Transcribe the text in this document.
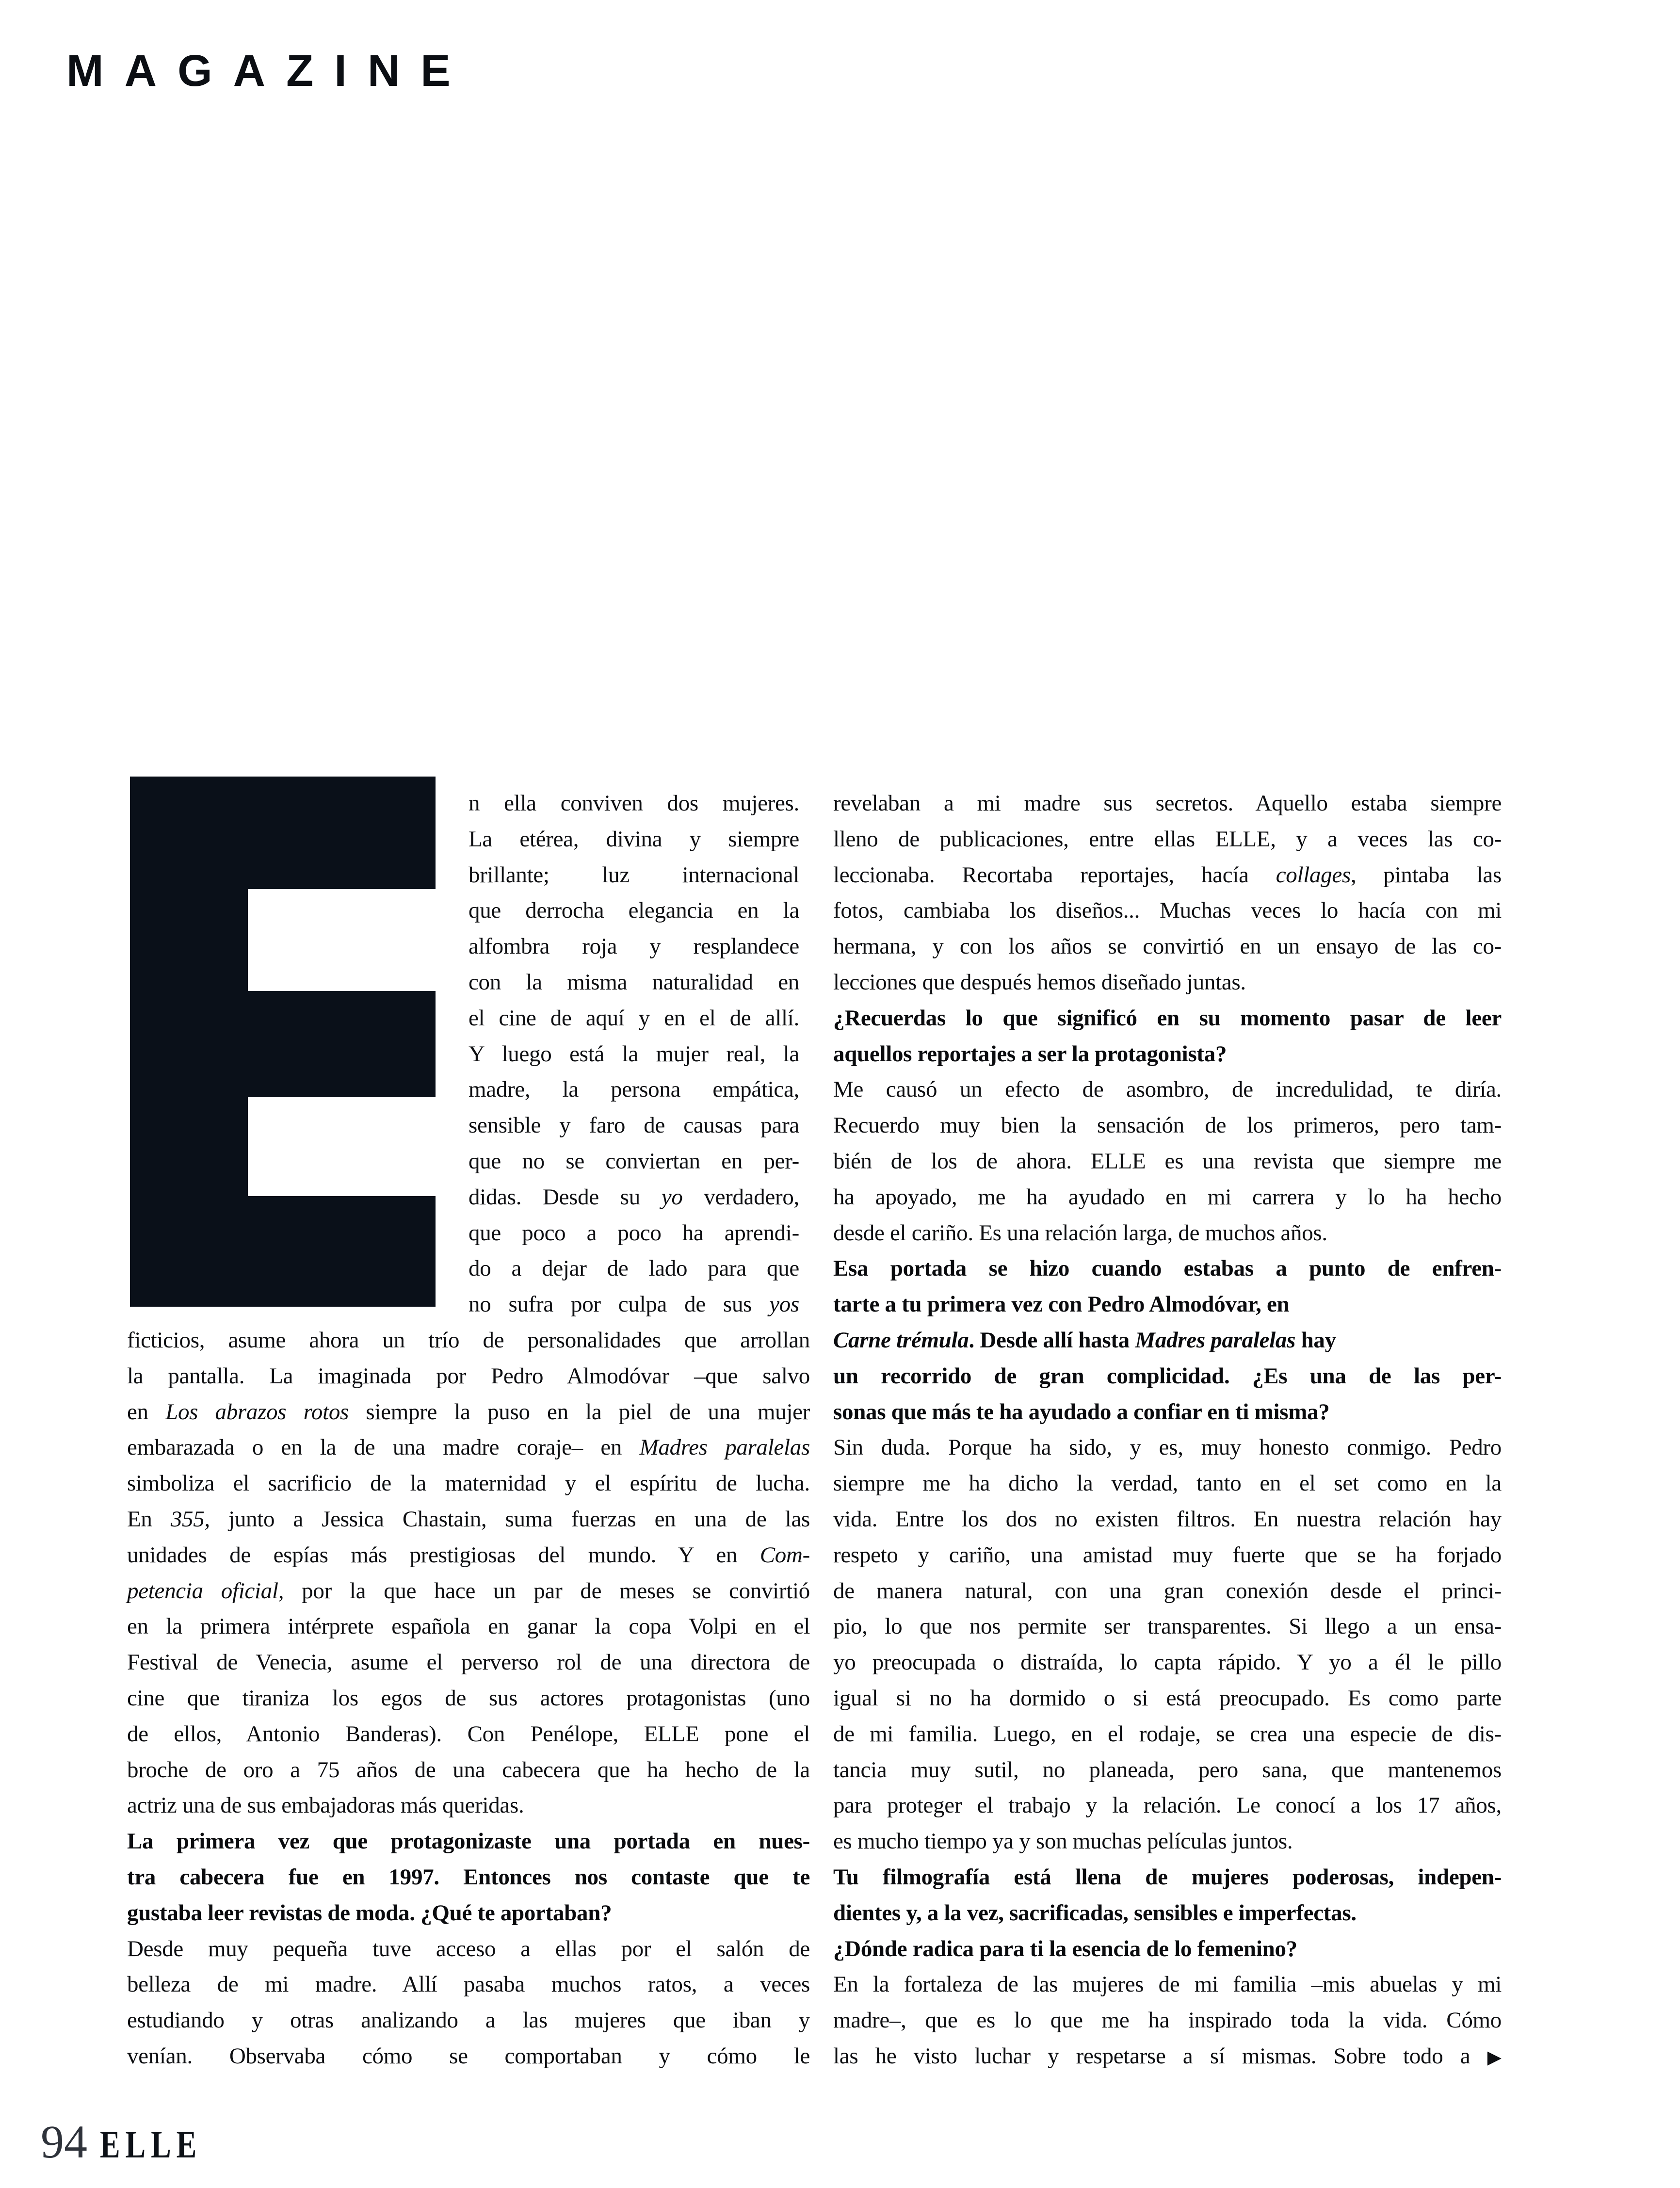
MAGAZINE
n ella conviven dos mujeres.
La etérea, divina y siempre
brillante; luz internacional
que derrocha elegancia en la
alfombra roja y resplandece
con la misma naturalidad en
el cine de aquí y en el de allí.
Y luego está la mujer real, la
madre, la persona empática,
sensible y faro de causas para
que no se conviertan en per-
didas. Desde su yo verdadero,
que poco a poco ha aprendi-
do a dejar de lado para que
no sufra por culpa de sus yos
ficticios, asume ahora un trío de personalidades que arrollan
la pantalla. La imaginada por Pedro Almodóvar –que salvo
en Los abrazos rotos siempre la puso en la piel de una mujer
embarazada o en la de una madre coraje– en Madres paralelas
simboliza el sacrificio de la maternidad y el espíritu de lucha.
En 355, junto a Jessica Chastain, suma fuerzas en una de las
unidades de espías más prestigiosas del mundo. Y en Com-
petencia oficial, por la que hace un par de meses se convirtió
en la primera intérprete española en ganar la copa Volpi en el
Festival de Venecia, asume el perverso rol de una directora de
cine que tiraniza los egos de sus actores protagonistas (uno
de ellos, Antonio Banderas). Con Penélope, ELLE pone el
broche de oro a 75 años de una cabecera que ha hecho de la
actriz una de sus embajadoras más queridas.
La primera vez que protagonizaste una portada en nues-
tra cabecera fue en 1997. Entonces nos contaste que te
gustaba leer revistas de moda. ¿Qué te aportaban?
Desde muy pequeña tuve acceso a ellas por el salón de
belleza de mi madre. Allí pasaba muchos ratos, a veces
estudiando y otras analizando a las mujeres que iban y
venían. Observaba cómo se comportaban y cómo le
revelaban a mi madre sus secretos. Aquello estaba siempre
lleno de publicaciones, entre ellas ELLE, y a veces las co-
leccionaba. Recortaba reportajes, hacía collages, pintaba las
fotos, cambiaba los diseños... Muchas veces lo hacía con mi
hermana, y con los años se convirtió en un ensayo de las co-
lecciones que después hemos diseñado juntas.
¿Recuerdas lo que significó en su momento pasar de leer
aquellos reportajes a ser la protagonista?
Me causó un efecto de asombro, de incredulidad, te diría.
Recuerdo muy bien la sensación de los primeros, pero tam-
bién de los de ahora. ELLE es una revista que siempre me
ha apoyado, me ha ayudado en mi carrera y lo ha hecho
desde el cariño. Es una relación larga, de muchos años.
Esa portada se hizo cuando estabas a punto de enfren-
tarte a tu primera vez con Pedro Almodóvar, en
Carne trémula. Desde allí hasta Madres paralelas hay
un recorrido de gran complicidad. ¿Es una de las per-
sonas que más te ha ayudado a confiar en ti misma?
Sin duda. Porque ha sido, y es, muy honesto conmigo. Pedro
siempre me ha dicho la verdad, tanto en el set como en la
vida. Entre los dos no existen filtros. En nuestra relación hay
respeto y cariño, una amistad muy fuerte que se ha forjado
de manera natural, con una gran conexión desde el princi-
pio, lo que nos permite ser transparentes. Si llego a un ensa-
yo preocupada o distraída, lo capta rápido. Y yo a él le pillo
igual si no ha dormido o si está preocupado. Es como parte
de mi familia. Luego, en el rodaje, se crea una especie de dis-
tancia muy sutil, no planeada, pero sana, que mantenemos
para proteger el trabajo y la relación. Le conocí a los 17 años,
es mucho tiempo ya y son muchas películas juntos.
Tu filmografía está llena de mujeres poderosas, indepen-
dientes y, a la vez, sacrificadas, sensibles e imperfectas.
¿Dónde radica para ti la esencia de lo femenino?
En la fortaleza de las mujeres de mi familia –mis abuelas y mi
madre–, que es lo que me ha inspirado toda la vida. Cómo
las he visto luchar y respetarse a sí mismas. Sobre todo a ▶
94 ELLE
